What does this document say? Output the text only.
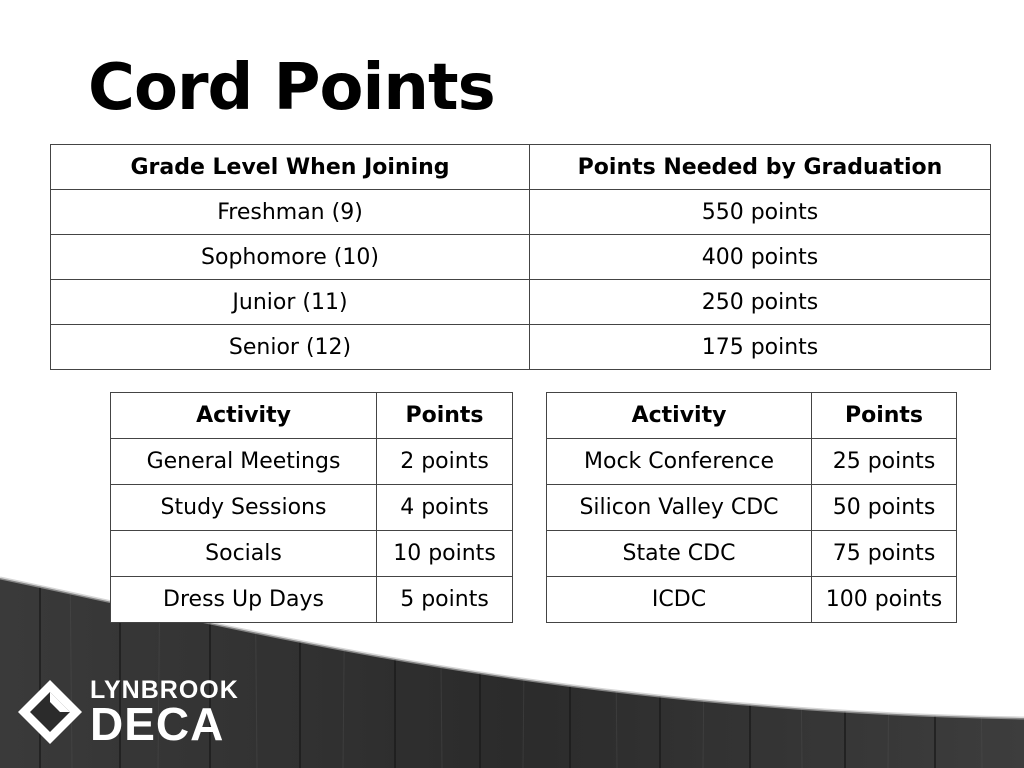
Cord Points
Grade Level When Joining	Points Needed by Graduation
Freshman (9)	550 points
Sophomore (10)	400 points
Junior (11)	250 points
Senior (12)	175 points
Activity	Points
General Meetings	2 points
Study Sessions	4 points
Socials	10 points
Dress Up Days	5 points
Activity	Points
Mock Conference	25 points
Silicon Valley CDC	50 points
State CDC	75 points
ICDC	100 points
LYNBROOK
DECA
